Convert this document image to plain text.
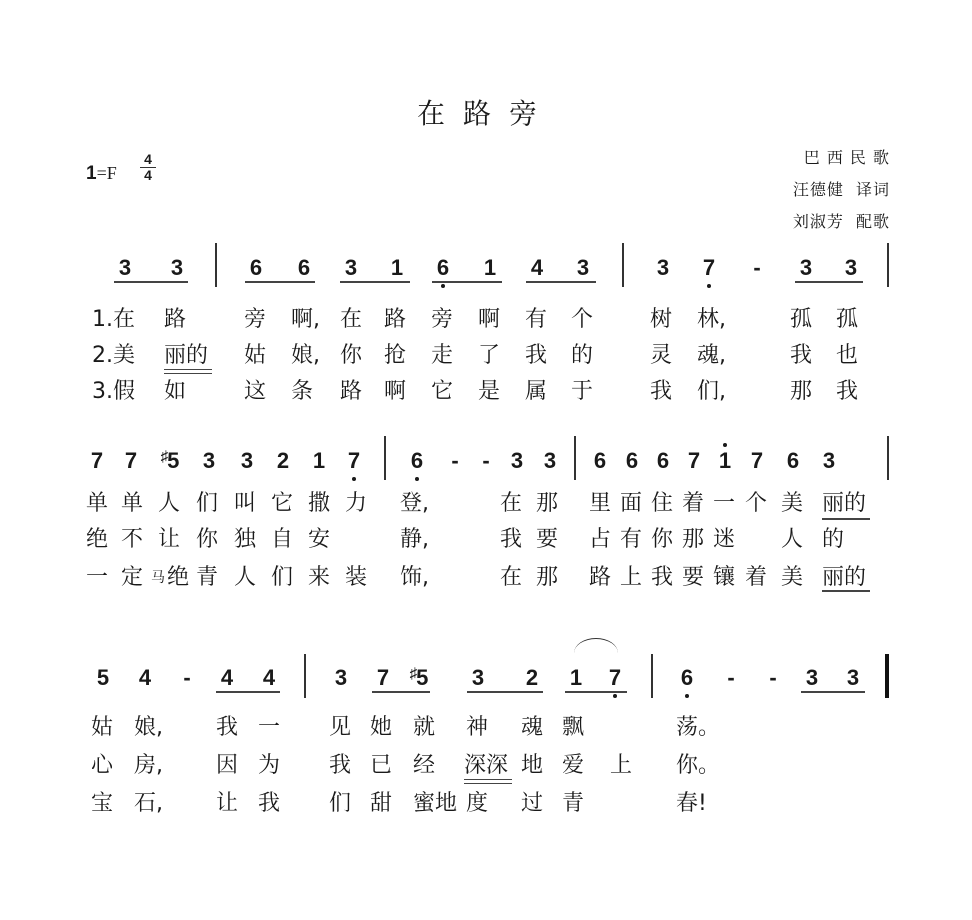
在路旁
1=F
4
4
巴 西 民 歌
汪德健  译词
刘淑芳  配歌
3 3	6 6 3 1 6 1 4 3	3 7	-	3 3
1.在 路	旁 啊, 在 路 旁 啊 有 个	树 林,	孤 孤
2.美 丽的 姑 娘, 你 抢 走 了 我 的	灵 魂,	我 也
3.假 如	这 条 路 啊 它 是 属 于	我 们,	那 我
7 7	♯5 3 3 2 1 7 6	-	- 3 3 6 6 6 7 1 7 6 3
单 单 人 们 叫 它 撒 力 登,	在 那 里 面 住 着 一 个 美 丽的
绝 不 让 你 独 自 安	静,	我 要 占 有 你 那 迷 人 的
一 定 马 绝 青 人 们 来 装 饰,	在 那 路 上 我 要 镶 着 美 丽的
5 4	-	4 4	3 7	♯5 3 2 1 7	6	-	-	3 3
姑 娘, 我 一 见 她 就 神 魂 飘	荡。
心 房, 因 为 我 已 经 深深 地 爱 上 你。
宝 石, 让 我 们 甜 蜜地 度 过 青	春!
